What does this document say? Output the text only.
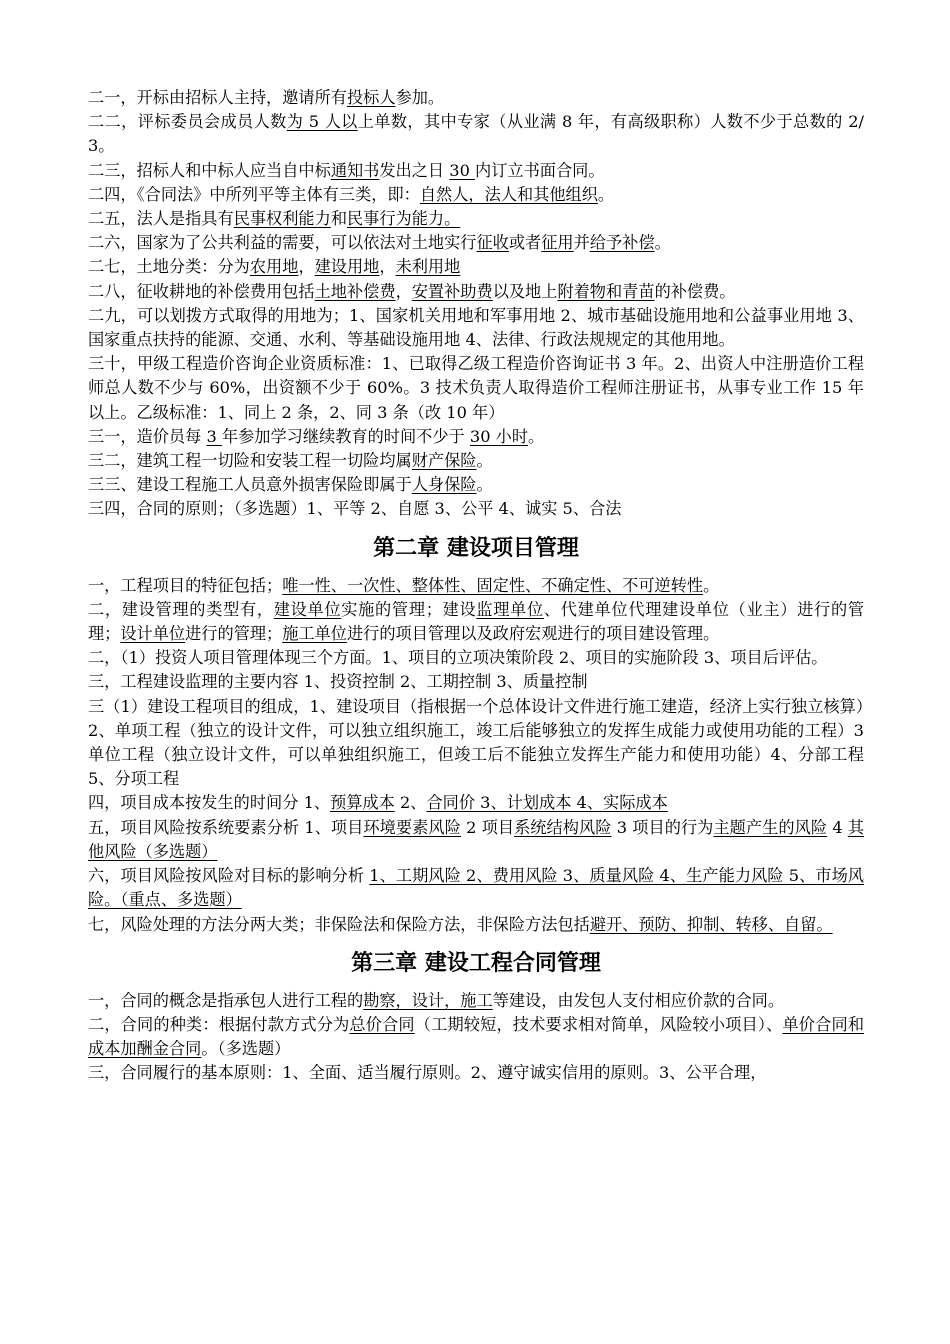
二一，开标由招标人主持，邀请所有投标人参加。

二二，评标委员会成员人数为 5 人以上单数，其中专家（从业满 8 年，有高级职称）人数不少于总数的 2/3。

二三，招标人和中标人应当自中标通知书发出之日 30 内订立书面合同。

二四，《合同法》中所列平等主体有三类，即：自然人，法人和其他组织。

二五，法人是指具有民事权利能力和民事行为能力。

二六，国家为了公共利益的需要，可以依法对土地实行征收或者征用并给予补偿。

二七，土地分类：分为农用地，建设用地，未利用地

二八，征收耕地的补偿费用包括土地补偿费，安置补助费以及地上附着物和青苗的补偿费。

二九，可以划拨方式取得的用地为；1、国家机关用地和军事用地 2、城市基础设施用地和公益事业用地 3、国家重点扶持的能源、交通、水利、等基础设施用地 4、法律、行政法规规定的其他用地。

三十，甲级工程造价咨询企业资质标准：1、已取得乙级工程造价咨询证书 3 年。2、出资人中注册造价工程师总人数不少与 60%，出资额不少于 60%。3 技术负责人取得造价工程师注册证书，从事专业工作 15 年以上。乙级标准：1、同上 2 条，2、同 3 条（改 10 年）

三一，造价员每 3 年参加学习继续教育的时间不少于 30 小时。

三二，建筑工程一切险和安装工程一切险均属财产保险。

三三、建设工程施工人员意外损害保险即属于人身保险。

三四，合同的原则；（多选题）1、平等 2、自愿 3、公平 4、诚实 5、合法

第二章 建设项目管理

一，工程项目的特征包括；唯一性、一次性、整体性、固定性、不确定性、不可逆转性。

二，建设管理的类型有，建设单位实施的管理；建设监理单位、代建单位代理建设单位（业主）进行的管理；设计单位进行的管理；施工单位进行的项目管理以及政府宏观进行的项目建设管理。

二，（1）投资人项目管理体现三个方面。1、项目的立项决策阶段 2、项目的实施阶段 3、项目后评估。

三，工程建设监理的主要内容 1、投资控制 2、工期控制 3、质量控制

三（1）建设工程项目的组成，1、建设项目（指根据一个总体设计文件进行施工建造，经济上实行独立核算）2、单项工程（独立的设计文件，可以独立组织施工，竣工后能够独立的发挥生成能力或使用功能的工程）3 单位工程（独立设计文件，可以单独组织施工，但竣工后不能独立发挥生产能力和使用功能）4、分部工程 5、分项工程

四，项目成本按发生的时间分 1、预算成本 2、合同价 3、计划成本 4、实际成本

五，项目风险按系统要素分析 1、项目环境要素风险 2 项目系统结构风险 3 项目的行为主题产生的风险 4 其他风险（多选题）

六，项目风险按风险对目标的影响分析 1、工期风险 2、费用风险 3、质量风险 4、生产能力风险 5、市场风险。（重点、多选题）

七，风险处理的方法分两大类；非保险法和保险方法，非保险方法包括避开、预防、抑制、转移、自留。

第三章 建设工程合同管理

一，合同的概念是指承包人进行工程的勘察，设计，施工等建设，由发包人支付相应价款的合同。

二，合同的种类：根据付款方式分为总价合同（工期较短，技术要求相对简单，风险较小项目）、单价合同和成本加酬金合同。（多选题）

三，合同履行的基本原则：1、全面、适当履行原则。2、遵守诚实信用的原则。3、公平合理，
